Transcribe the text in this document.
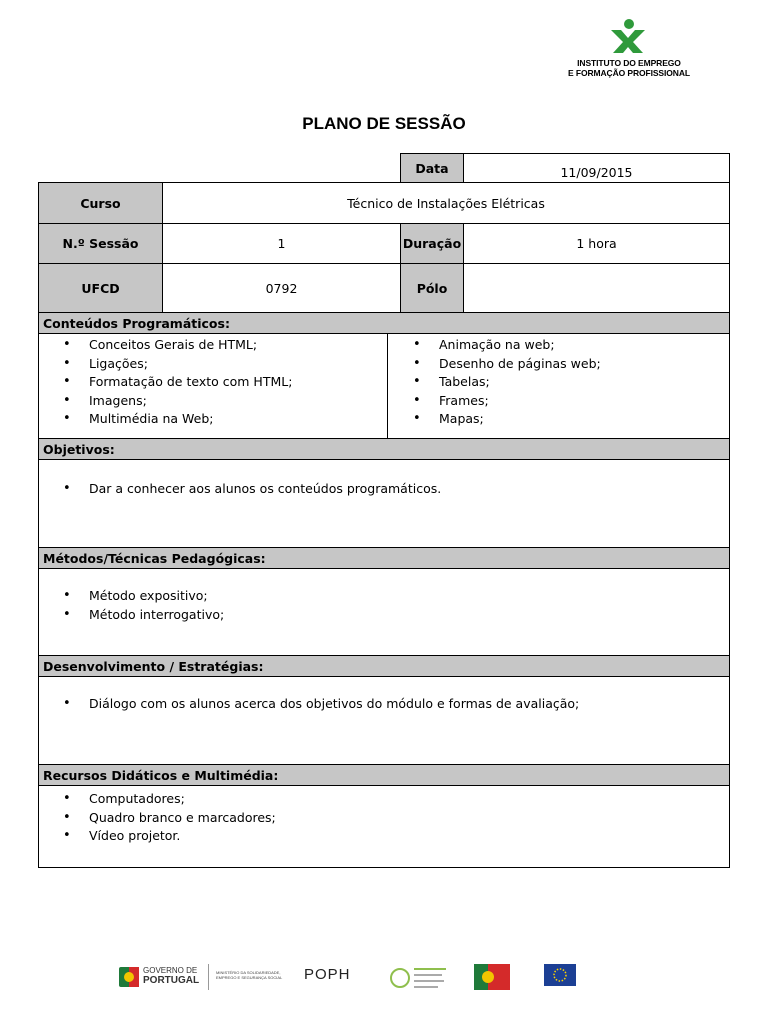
INSTITUTO DO EMPREGO
E FORMAÇÃO PROFISSIONAL
PLANO DE SESSÃO
Data	11/09/2015
Curso	Técnico de Instalações Elétricas
N.º Sessão	1	Duração	1 hora
UFCD	0792	Pólo
Conteúdos Programáticos:
• Conceitos Gerais de HTML;
• Ligações;
• Formatação de texto com HTML;
• Imagens;
• Multimédia na Web;
• Animação na web;
• Desenho de páginas web;
• Tabelas;
• Frames;
• Mapas;
Objetivos:
• Dar a conhecer aos alunos os conteúdos programáticos.
Métodos/Técnicas Pedagógicas:
• Método expositivo;
• Método interrogativo;
Desenvolvimento / Estratégias:
• Diálogo com os alunos acerca dos objetivos do módulo e formas de avaliação;
Recursos Didáticos e Multimédia:
• Computadores;
• Quadro branco e marcadores;
• Vídeo projetor.
GOVERNO DE
PORTUGAL
MINISTÉRIO DA SOLIDARIEDADE, EMPREGO E SEGURANÇA SOCIAL	POPH
